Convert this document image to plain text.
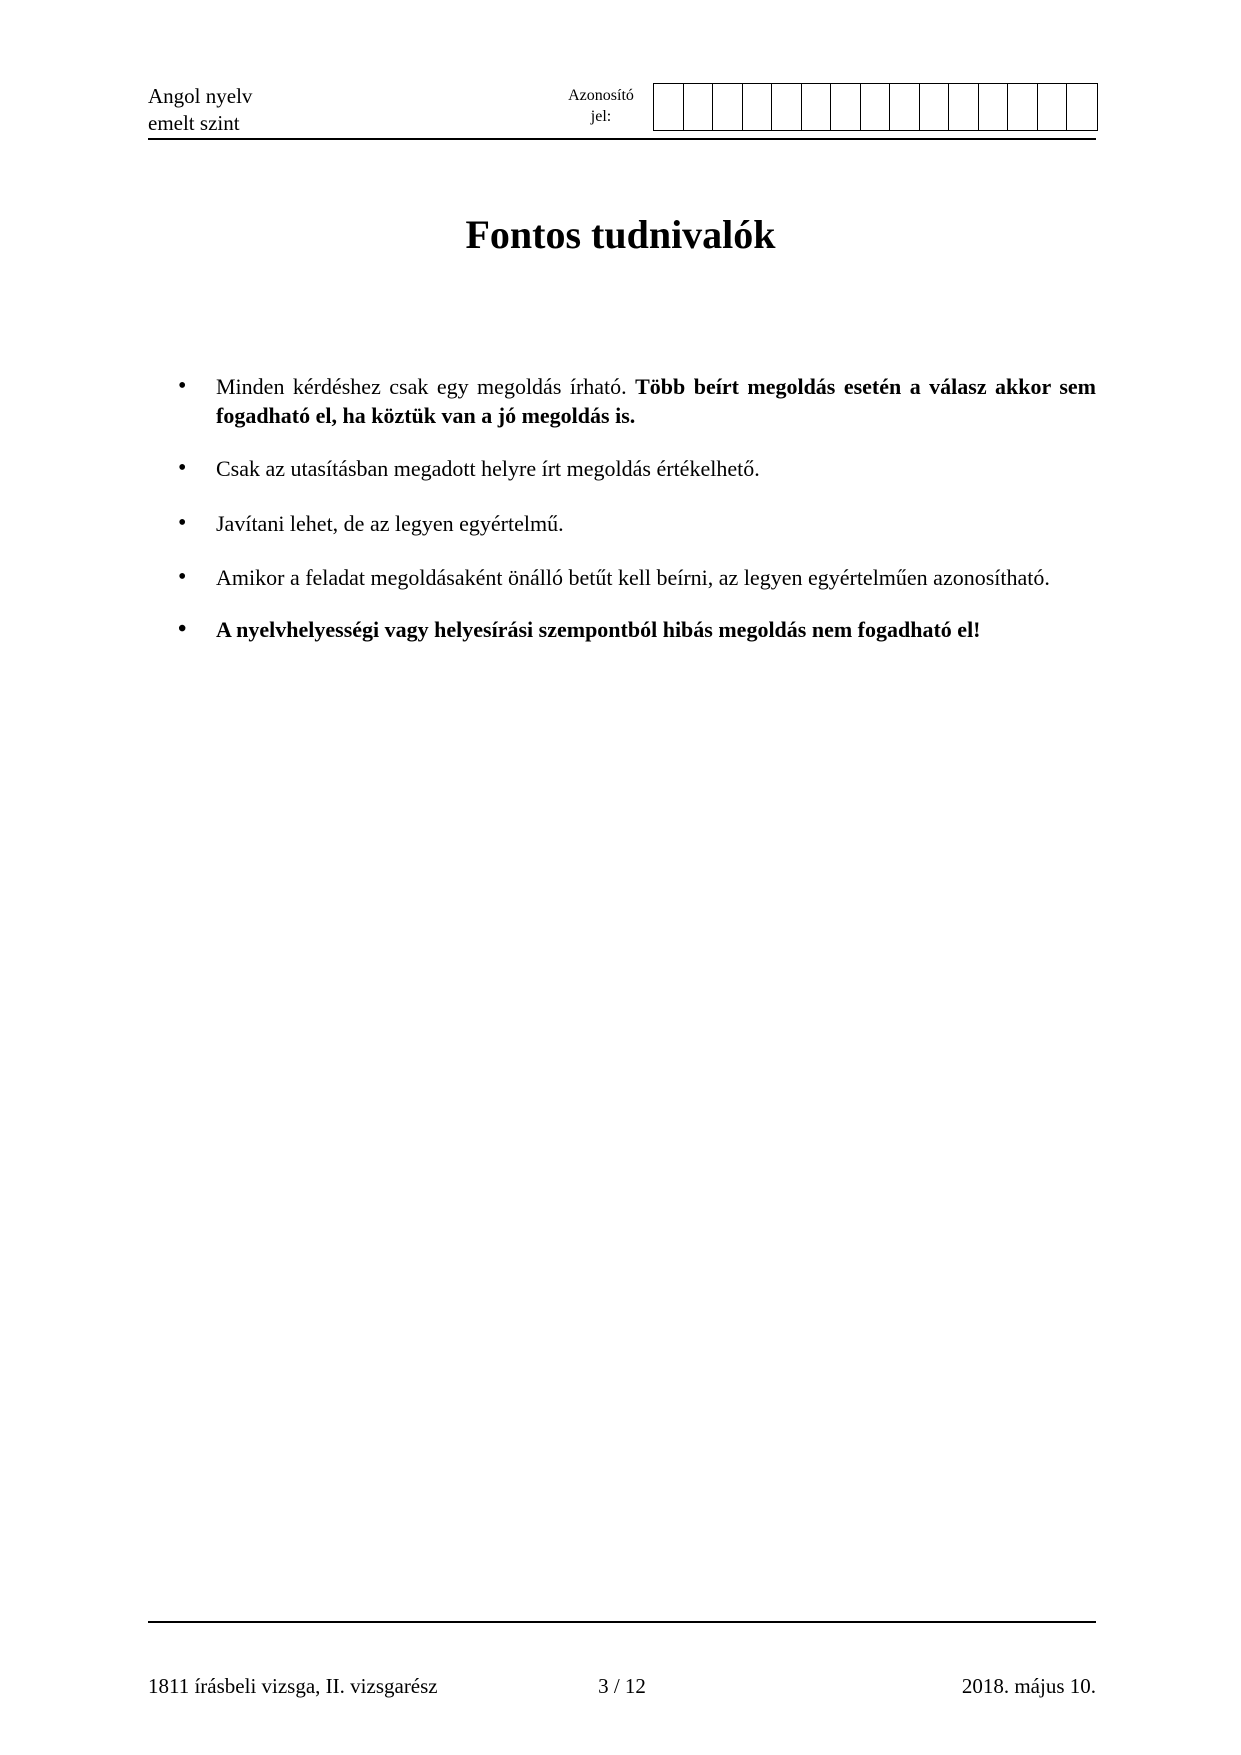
Angol nyelv
emelt szint
Azonosító
jel:
Fontos tudnivalók
• Minden kérdéshez csak egy megoldás írható. Több beírt megoldás esetén a válasz akkor sem fogadható el, ha köztük van a jó megoldás is.
• Csak az utasításban megadott helyre írt megoldás értékelhető.
• Javítani lehet, de az legyen egyértelmű.
• Amikor a feladat megoldásaként önálló betűt kell beírni, az legyen egyértelműen azonosítható.
• A nyelvhelyességi vagy helyesírási szempontból hibás megoldás nem fogadható el!
1811 írásbeli vizsga, II. vizsgarész	3 / 12	2018. május 10.
